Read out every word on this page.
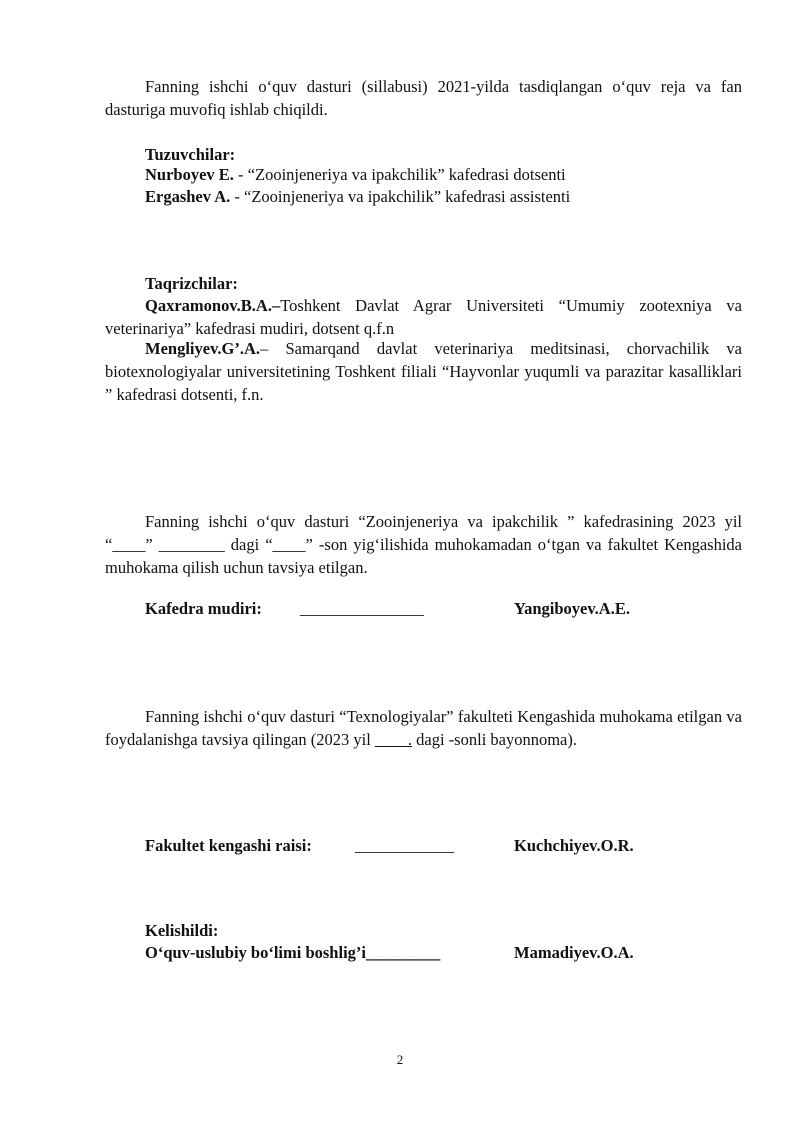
Fanning ishchi o‘quv dasturi (sillabusi) 2021-yilda tasdiqlangan o‘quv reja va fan dasturiga muvofiq ishlab chiqildi.

Tuzuvchilar:
Nurboyev E. - “Zooinjeneriya va ipakchilik” kafedrasi dotsenti
Ergashev A. - “Zooinjeneriya va ipakchilik” kafedrasi assistenti
Taqrizchilar:

Qaxramonov.B.A.–Toshkent Davlat Agrar Universiteti “Umumiy zootexniya va veterinariya” kafedrasi mudiri, dotsent q.f.n

Mengliyev.G’.A.– Samarqand davlat veterinariya meditsinasi, chorvachilik va biotexnologiyalar universitetining Toshkent filiali “Hayvonlar yuqumli va parazitar kasalliklari ” kafedrasi dotsenti, f.n.

Fanning ishchi o‘quv dasturi “Zooinjeneriya va ipakchilik ” kafedrasining 2023 yil “____” ________ dagi “____” -son yig‘ilishida muhokamadan o‘tgan va fakultet Kengashida muhokama qilish uchun tavsiya etilgan.

Kafedra mudiri: _______________	Yangiboyev.A.E.

Fanning ishchi o‘quv dasturi “Texnologiyalar” fakulteti Kengashida muhokama etilgan va foydalanishga tavsiya qilingan (2023 yil ____. dagi -sonli bayonnoma).

Fakultet kengashi raisi:	____________	Kuchchiyev.O.R.
Kelishildi:
O‘quv-uslubiy bo‘limi boshlig’i_________	Mamadiyev.O.A.
2
